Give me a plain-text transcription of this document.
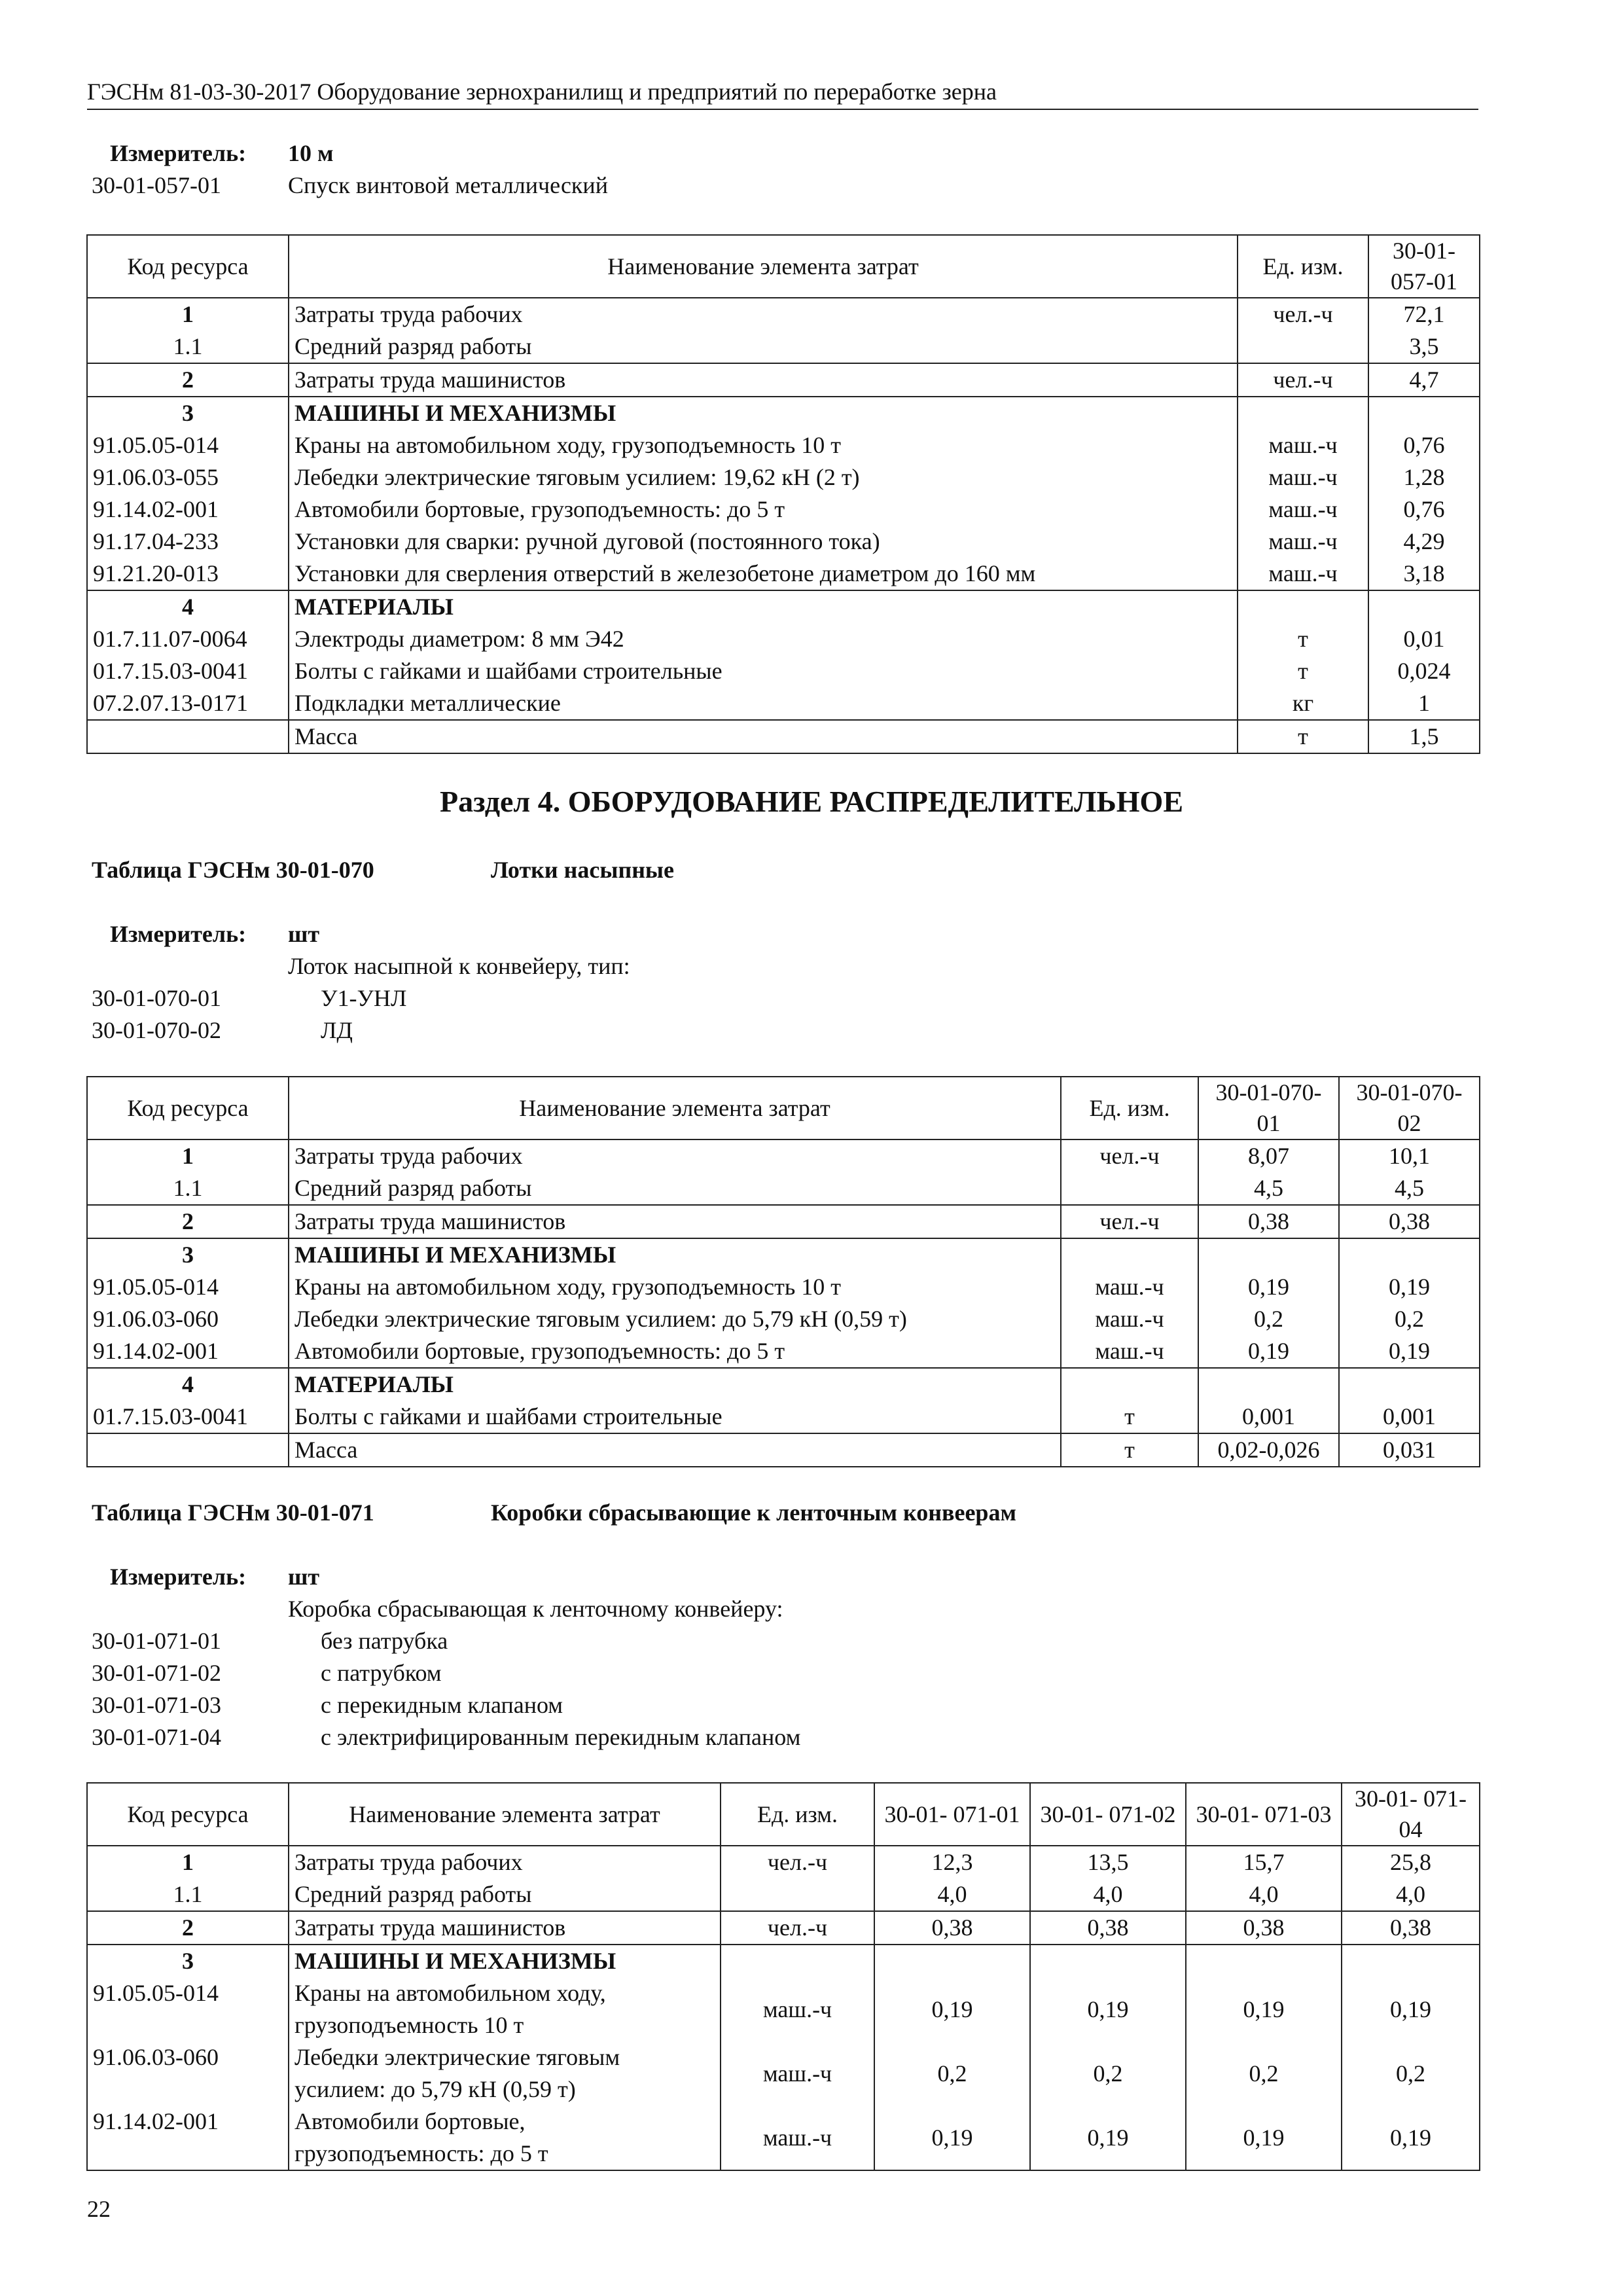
ГЭСНм 81-03-30-2017 Оборудование зернохранилищ и предприятий по переработке зерна
Измеритель: 10 м
30-01-057-01	Спуск винтовой металлический
Код ресурса	Наименование элемента затрат	Ед. изм.	30-01-057-01
1	Затраты труда рабочих	чел.-ч	72,1
1.1	Средний разряд работы		3,5
2	Затраты труда машинистов	чел.-ч	4,7
3	МАШИНЫ И МЕХАНИЗМЫ		
91.05.05-014	Краны на автомобильном ходу, грузоподъемность 10 т	маш.-ч	0,76
91.06.03-055	Лебедки электрические тяговым усилием: 19,62 кН (2 т)	маш.-ч	1,28
91.14.02-001	Автомобили бортовые, грузоподъемность: до 5 т	маш.-ч	0,76
91.17.04-233	Установки для сварки: ручной дуговой (постоянного тока)	маш.-ч	4,29
91.21.20-013	Установки для сверления отверстий в железобетоне диаметром до 160 мм	маш.-ч	3,18
4	МАТЕРИАЛЫ		
01.7.11.07-0064	Электроды диаметром: 8 мм Э42	т	0,01
01.7.15.03-0041	Болты с гайками и шайбами строительные	т	0,024
07.2.07.13-0171	Подкладки металлические	кг	1
	Масса	т	1,5
Раздел 4. ОБОРУДОВАНИЕ РАСПРЕДЕЛИТЕЛЬНОЕ
Таблица ГЭСНм 30-01-070	Лотки насыпные
Измеритель: шт
Лоток насыпной к конвейеру, тип:
30-01-070-01	У1-УНЛ
30-01-070-02	ЛД
Код ресурса	Наименование элемента затрат	Ед. изм.	30-01-070-01	30-01-070-02
1	Затраты труда рабочих	чел.-ч	8,07	10,1
1.1	Средний разряд работы		4,5	4,5
2	Затраты труда машинистов	чел.-ч	0,38	0,38
3	МАШИНЫ И МЕХАНИЗМЫ			
91.05.05-014	Краны на автомобильном ходу, грузоподъемность 10 т	маш.-ч	0,19	0,19
91.06.03-060	Лебедки электрические тяговым усилием: до 5,79 кН (0,59 т)	маш.-ч	0,2	0,2
91.14.02-001	Автомобили бортовые, грузоподъемность: до 5 т	маш.-ч	0,19	0,19
4	МАТЕРИАЛЫ			
01.7.15.03-0041	Болты с гайками и шайбами строительные	т	0,001	0,001
	Масса	т	0,02-0,026	0,031
Таблица ГЭСНм 30-01-071	Коробки сбрасывающие к ленточным конвеерам
Измеритель: шт
Коробка сбрасывающая к ленточному конвейеру:
30-01-071-01	без патрубка
30-01-071-02	с патрубком
30-01-071-03	с перекидным клапаном
30-01-071-04	с электрифицированным перекидным клапаном
Код ресурса	Наименование элемента затрат	Ед. изм.	30-01- 071-01	30-01- 071-02	30-01- 071-03	30-01- 071-04
1	Затраты труда рабочих	чел.-ч	12,3	13,5	15,7	25,8
1.1	Средний разряд работы		4,0	4,0	4,0	4,0
2	Затраты труда машинистов	чел.-ч	0,38	0,38	0,38	0,38
3	МАШИНЫ И МЕХАНИЗМЫ					
91.05.05-014	Краны на автомобильном ходу, грузоподъемность 10 т	маш.-ч	0,19	0,19	0,19	0,19
91.06.03-060	Лебедки электрические тяговым усилием: до 5,79 кН (0,59 т)	маш.-ч	0,2	0,2	0,2	0,2
91.14.02-001	Автомобили бортовые, грузоподъемность: до 5 т	маш.-ч	0,19	0,19	0,19	0,19
22
